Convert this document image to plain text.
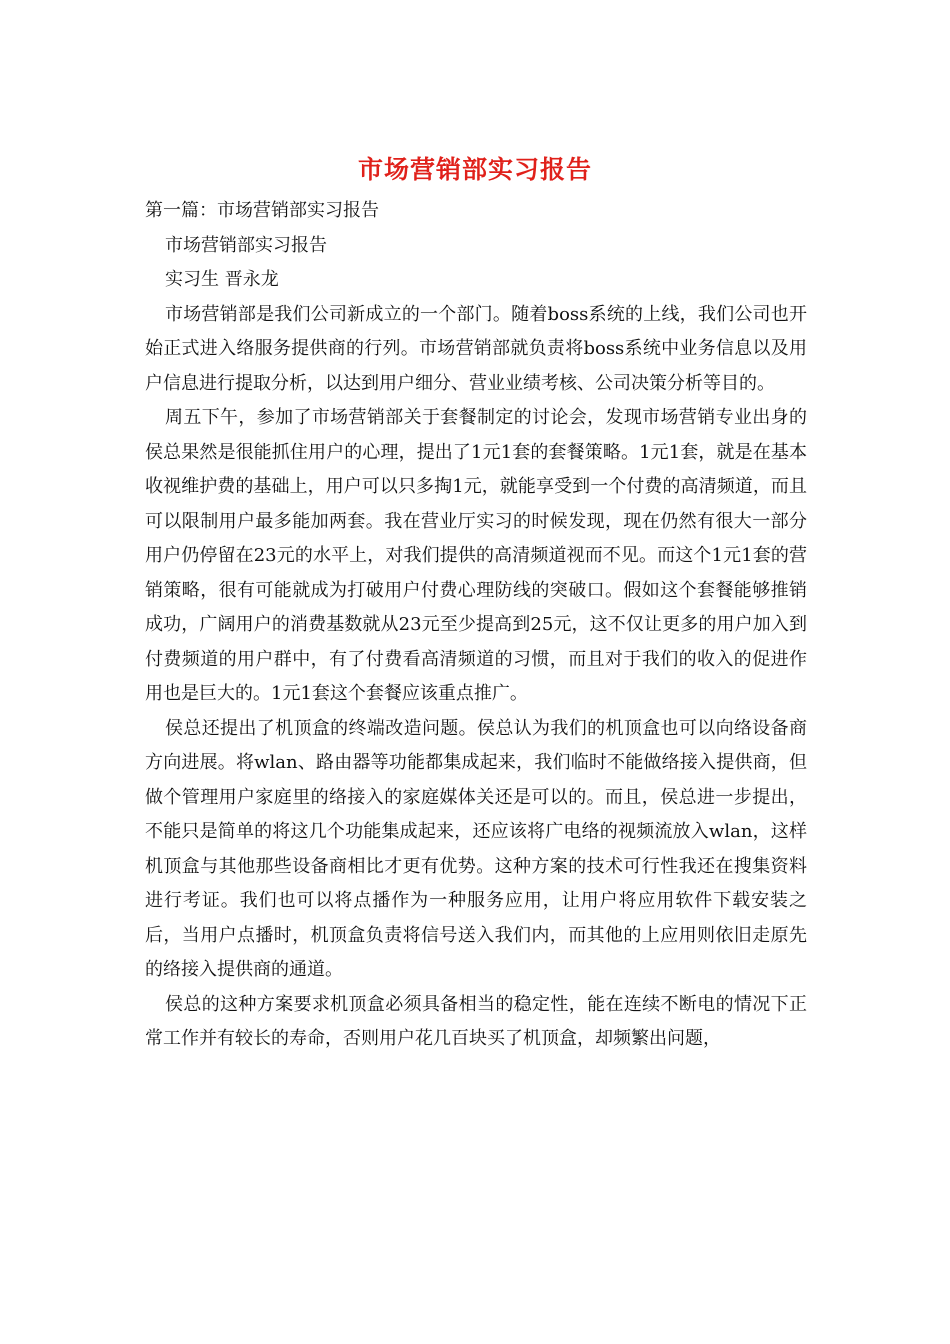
市场营销部实习报告

第一篇：市场营销部实习报告

市场营销部实习报告

实习生 晋永龙

市场营销部是我们公司新成立的一个部门。随着boss系统的上线，我们公司也开始正式进入络服务提供商的行列。市场营销部就负责将boss系统中业务信息以及用户信息进行提取分析，以达到用户细分、营业业绩考核、公司决策分析等目的。

周五下午，参加了市场营销部关于套餐制定的讨论会，发现市场营销专业出身的侯总果然是很能抓住用户的心理，提出了1元1套的套餐策略。1元1套，就是在基本收视维护费的基础上，用户可以只多掏1元，就能享受到一个付费的高清频道，而且可以限制用户最多能加两套。我在营业厅实习的时候发现，现在仍然有很大一部分用户仍停留在23元的水平上，对我们提供的高清频道视而不见。而这个1元1套的营销策略，很有可能就成为打破用户付费心理防线的突破口。假如这个套餐能够推销成功，广阔用户的消费基数就从23元至少提高到25元，这不仅让更多的用户加入到付费频道的用户群中，有了付费看高清频道的习惯，而且对于我们的收入的促进作用也是巨大的。1元1套这个套餐应该重点推广。

侯总还提出了机顶盒的终端改造问题。侯总认为我们的机顶盒也可以向络设备商方向进展。将wlan、路由器等功能都集成起来，我们临时不能做络接入提供商，但做个管理用户家庭里的络接入的家庭媒体关还是可以的。而且，侯总进一步提出，不能只是简单的将这几个功能集成起来，还应该将广电络的视频流放入wlan，这样机顶盒与其他那些设备商相比才更有优势。这种方案的技术可行性我还在搜集资料进行考证。我们也可以将点播作为一种服务应用，让用户将应用软件下载安装之后，当用户点播时，机顶盒负责将信号送入我们内，而其他的上应用则依旧走原先的络接入提供商的通道。

侯总的这种方案要求机顶盒必须具备相当的稳定性，能在连续不断电的情况下正常工作并有较长的寿命，否则用户花几百块买了机顶盒，却频繁出问题，
